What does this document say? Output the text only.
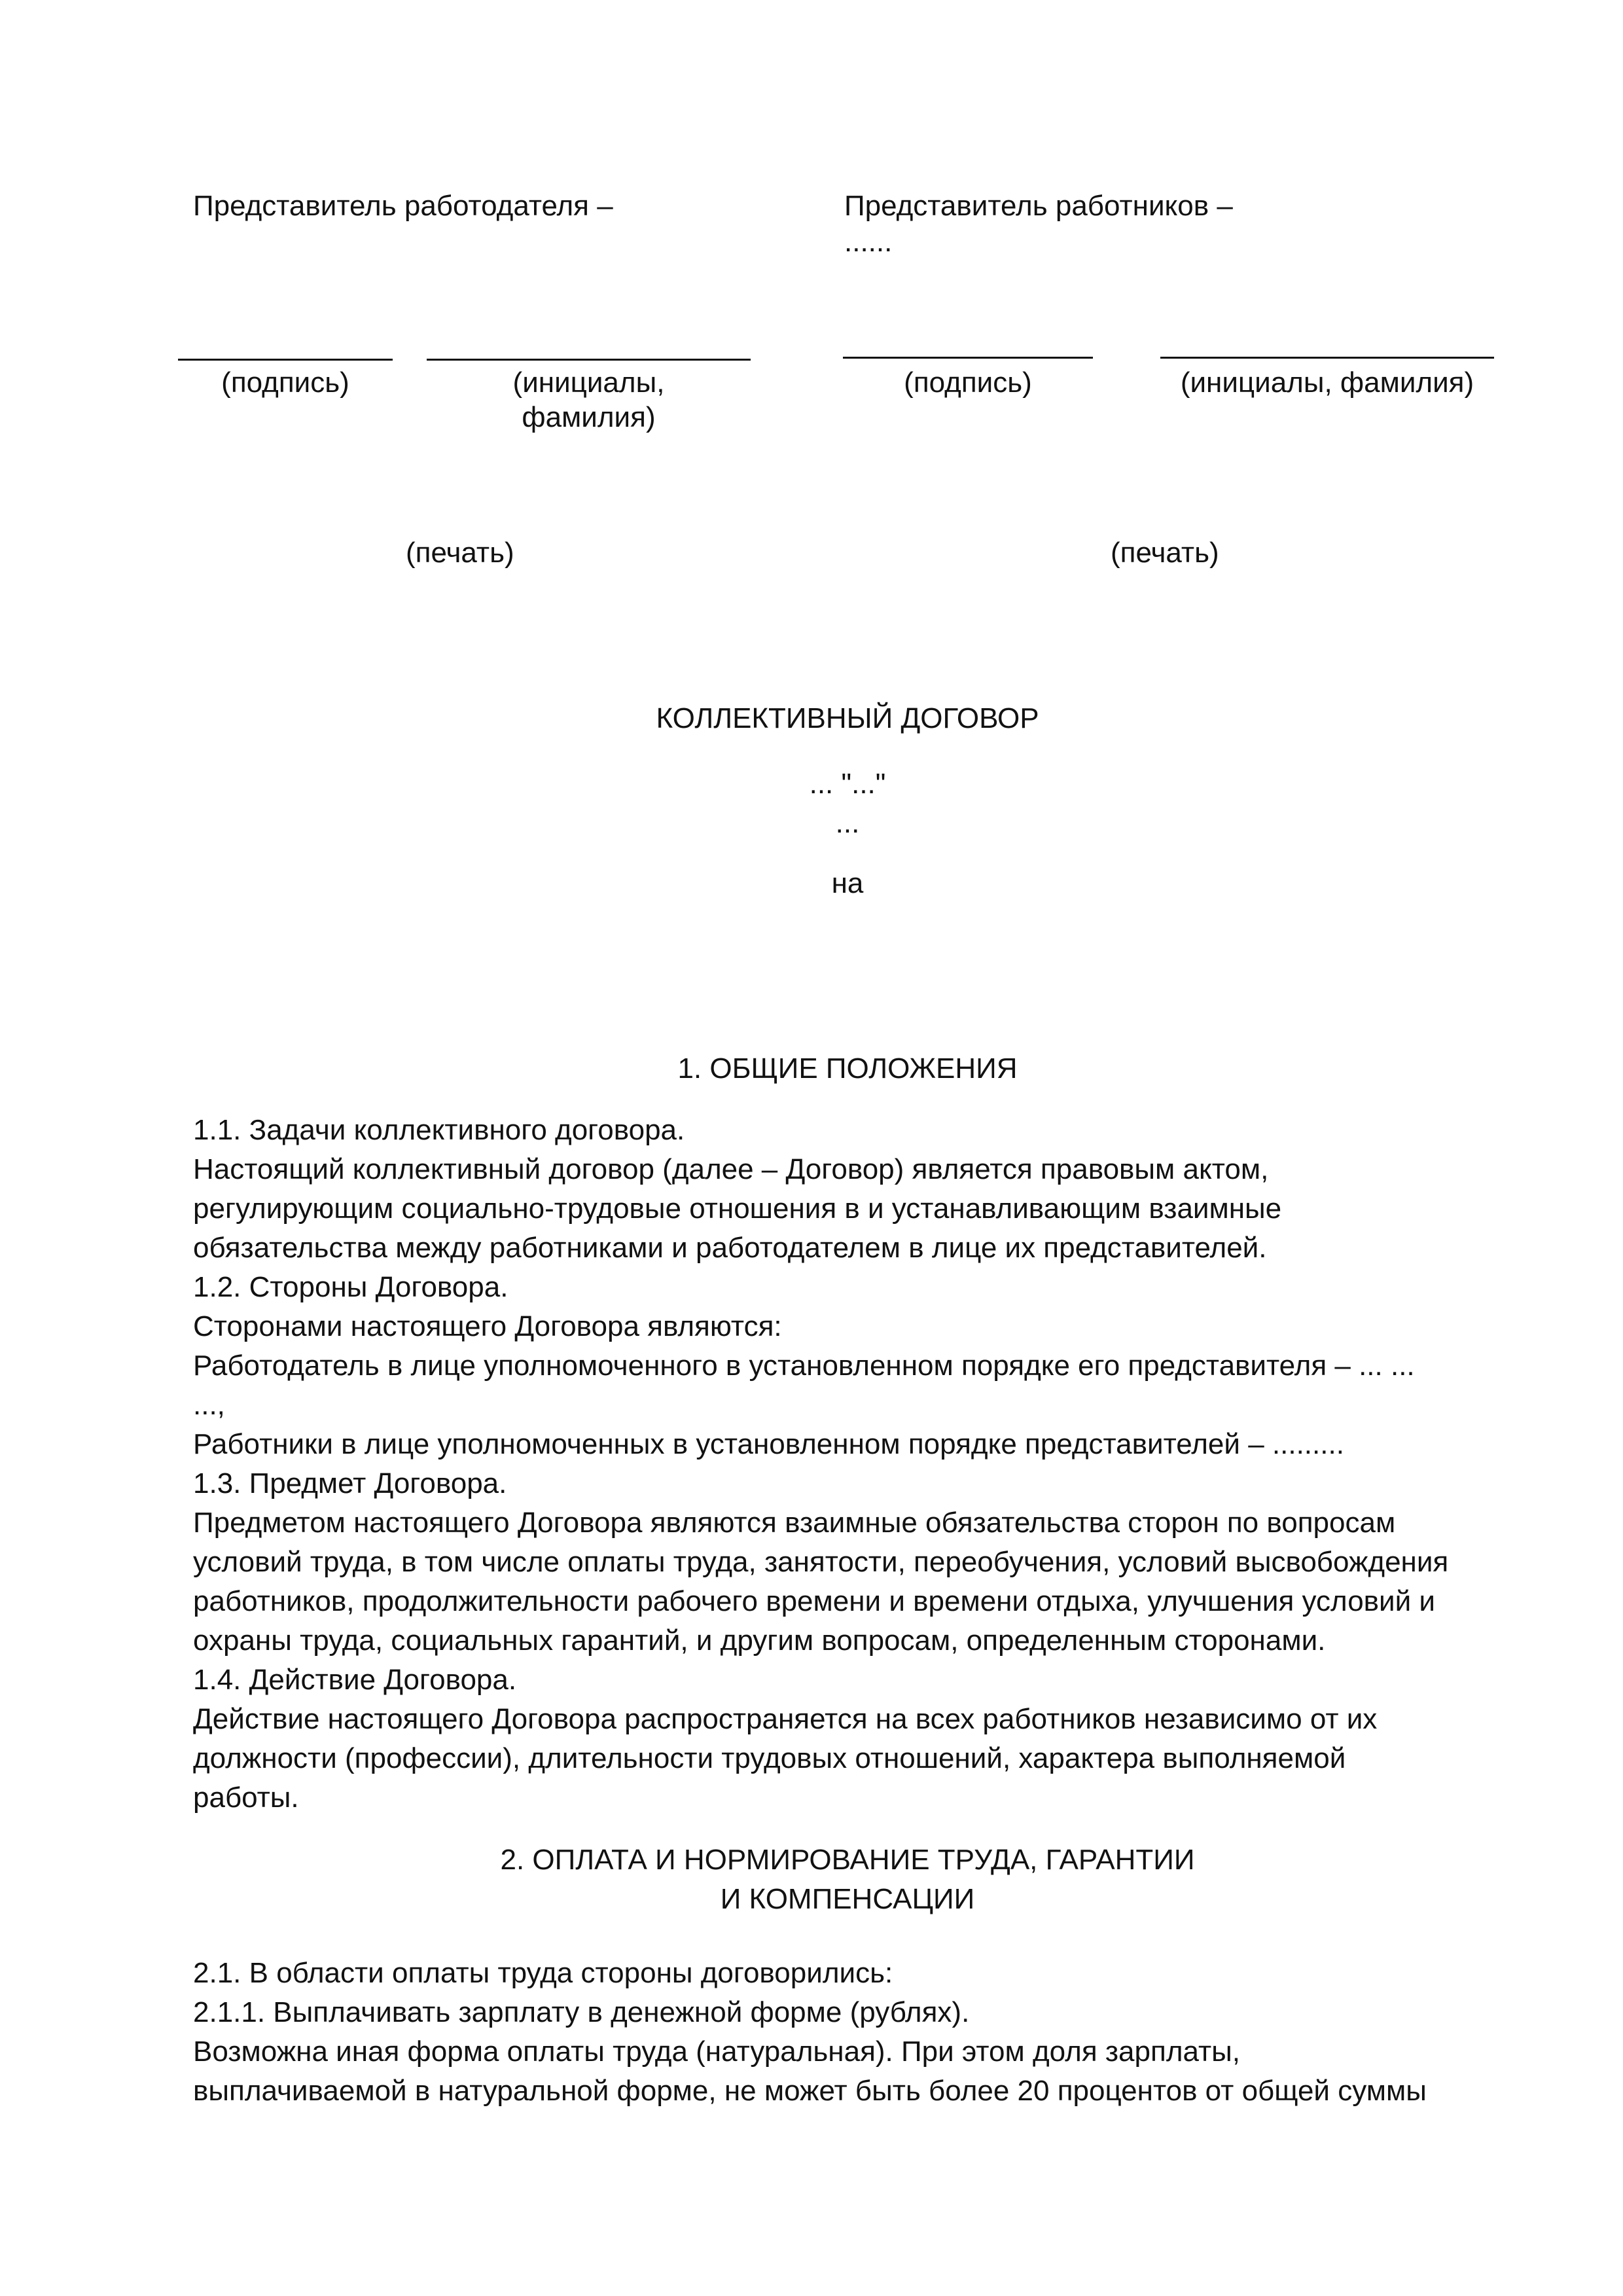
Представитель работодателя –	Представитель работников –
......
(подпись)	(инициалы,
фамилия)
(подпись)	(инициалы, фамилия)
(печать)	(печать)
КОЛЛЕКТИВНЫЙ ДОГОВОР
... "..."
...
на
1. ОБЩИЕ ПОЛОЖЕНИЯ

1.1. Задачи коллективного договора.

Настоящий коллективный договор (далее – Договор) является правовым актом,

регулирующим социально-трудовые отношения в и устанавливающим взаимные

обязательства между работниками и работодателем в лице их представителей.

1.2. Стороны Договора.

Сторонами настоящего Договора являются:

Работодатель в лице уполномоченного в установленном порядке его представителя – ... ...

...,

Работники в лице уполномоченных в установленном порядке представителей – .........

1.3. Предмет Договора.

Предметом настоящего Договора являются взаимные обязательства сторон по вопросам

условий труда, в том числе оплаты труда, занятости, переобучения, условий высвобождения

работников, продолжительности рабочего времени и времени отдыха, улучшения условий и

охраны труда, социальных гарантий, и другим вопросам, определенным сторонами.

1.4. Действие Договора.

Действие настоящего Договора распространяется на всех работников независимо от их

должности (профессии), длительности трудовых отношений, характера выполняемой

работы.

2. ОПЛАТА И НОРМИРОВАНИЕ ТРУДА, ГАРАНТИИ
И КОМПЕНСАЦИИ

2.1. В области оплаты труда стороны договорились:

2.1.1. Выплачивать зарплату в денежной форме (рублях).

Возможна иная форма оплаты труда (натуральная). При этом доля зарплаты,

выплачиваемой в натуральной форме, не может быть более 20 процентов от общей суммы
